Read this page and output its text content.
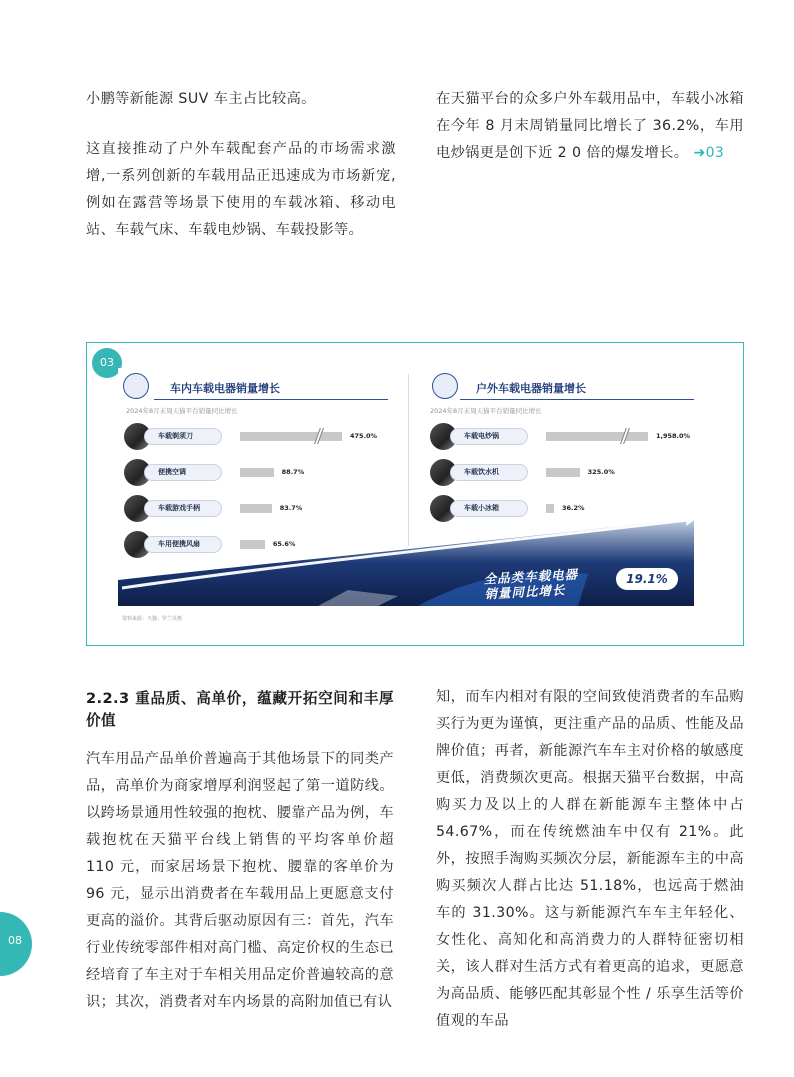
小鹏等新能源 SUV 车主占比较高。

这直接推动了户外车载配套产品的市场需求激增,一系列创新的车载用品正迅速成为市场新宠,例如在露营等场景下使用的车载冰箱、移动电站、车载气床、车载电炒锅、车载投影等。

在天猫平台的众多户外车载用品中，车载小冰箱在今年 8 月末周销量同比增长了 36.2%，车用电炒锅更是创下近 2 0 倍的爆发增长。 ➜03

03
车内车载电器销量增长
2024年8月末周天猫平台销量同比增长
户外车载电器销量增长
2024年8月末周天猫平台销量同比增长
车载剃须刀	475.0%
便携空调	88.7%
车载游戏手柄	83.7%
车用便携风扇	65.6%
车载电炒锅	1,958.0%
车载饮水机	325.0%
车载小冰箱	36.2%
全品类车载电器
销量同比增长
19.1%
资料来源：天猫；罗兰贝格
2.2.3 重品质、高单价，蕴藏开拓空间和丰厚价值

汽车用品产品单价普遍高于其他场景下的同类产品，高单价为商家增厚利润竖起了第一道防线。以跨场景通用性较强的抱枕、腰靠产品为例，车载抱枕在天猫平台线上销售的平均客单价超 110 元，而家居场景下抱枕、腰靠的客单价为 96 元，显示出消费者在车载用品上更愿意支付更高的溢价。其背后驱动原因有三：首先，汽车行业传统零部件相对高门槛、高定价权的生态已经培育了车主对于车相关用品定价普遍较高的意识；其次，消费者对车内场景的高附加值已有认

知，而车内相对有限的空间致使消费者的车品购买行为更为谨慎，更注重产品的品质、性能及品牌价值；再者，新能源汽车车主对价格的敏感度更低，消费频次更高。根据天猫平台数据，中高购买力及以上的人群在新能源车主整体中占 54.67%，而在传统燃油车中仅有 21%。此外，按照手淘购买频次分层，新能源车主的中高购买频次人群占比达 51.18%，也远高于燃油车的 31.30%。这与新能源汽车车主年轻化、女性化、高知化和高消费力的人群特征密切相关，该人群对生活方式有着更高的追求，更愿意为高品质、能够匹配其彰显个性 / 乐享生活等价值观的车品

08
